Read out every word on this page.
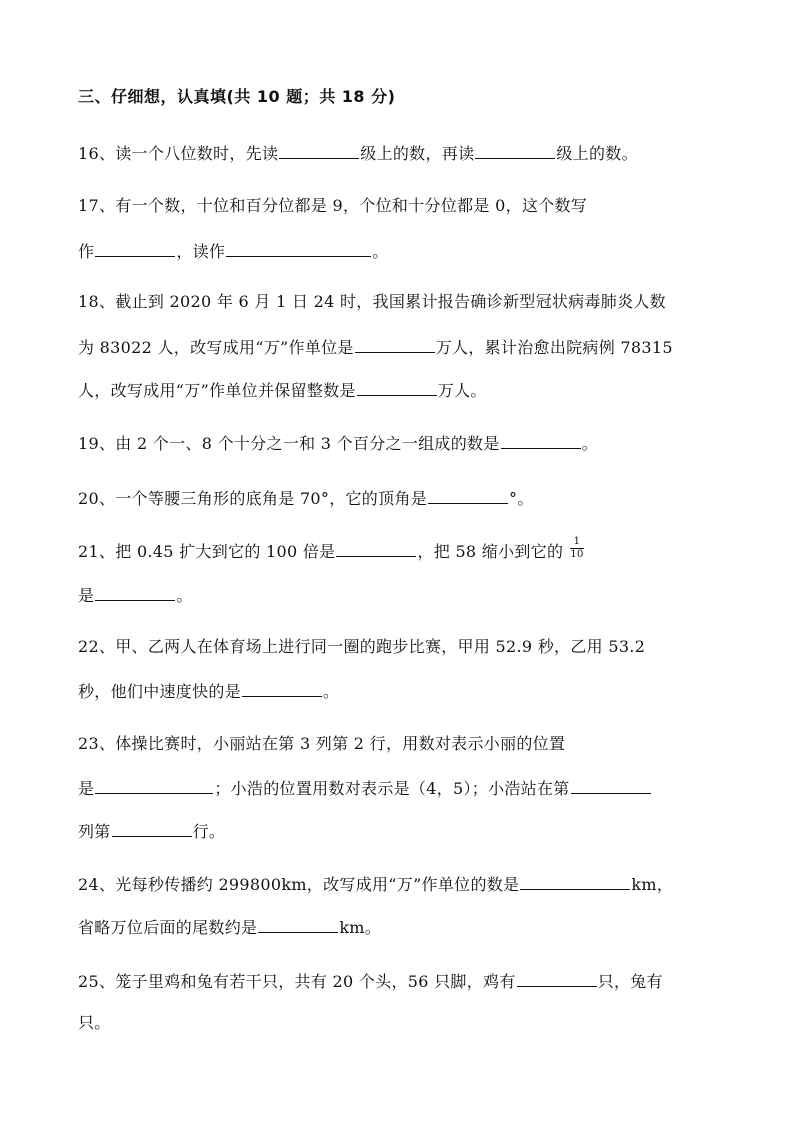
三、仔细想，认真填(共 10 题；共 18 分)
16、读一个八位数时，先读	级上的数，再读	级上的数。
17、有一个数，十位和百分位都是 9，个位和十分位都是 0，这个数写
作	，读作	。
18、截止到 2020 年 6 月 1 日 24 时，我国累计报告确诊新型冠状病毒肺炎人数
为 83022 人，改写成用“万”作单位是	万人，累计治愈出院病例 78315
人，改写成用“万”作单位并保留整数是	万人。
19、由 2 个一、8 个十分之一和 3 个百分之一组成的数是	。
20、一个等腰三角形的底角是 70°，它的顶角是	°。
21、把 0.45 扩大到它的 100 倍是	，把 58 缩小到它的 $\frac{1}{10}$
是	。
22、甲、乙两人在体育场上进行同一圈的跑步比赛，甲用 52.9 秒，乙用 53.2
秒，他们中速度快的是	。
23、体操比赛时，小丽站在第 3 列第 2 行，用数对表示小丽的位置
是	；小浩的位置用数对表示是（4，5）；小浩站在第
列第	行。
24、光每秒传播约 299800km，改写成用“万”作单位的数是	km，
省略万位后面的尾数约是	km。
25、笼子里鸡和兔有若干只，共有 20 个头，56 只脚，鸡有	只，兔有
只。
